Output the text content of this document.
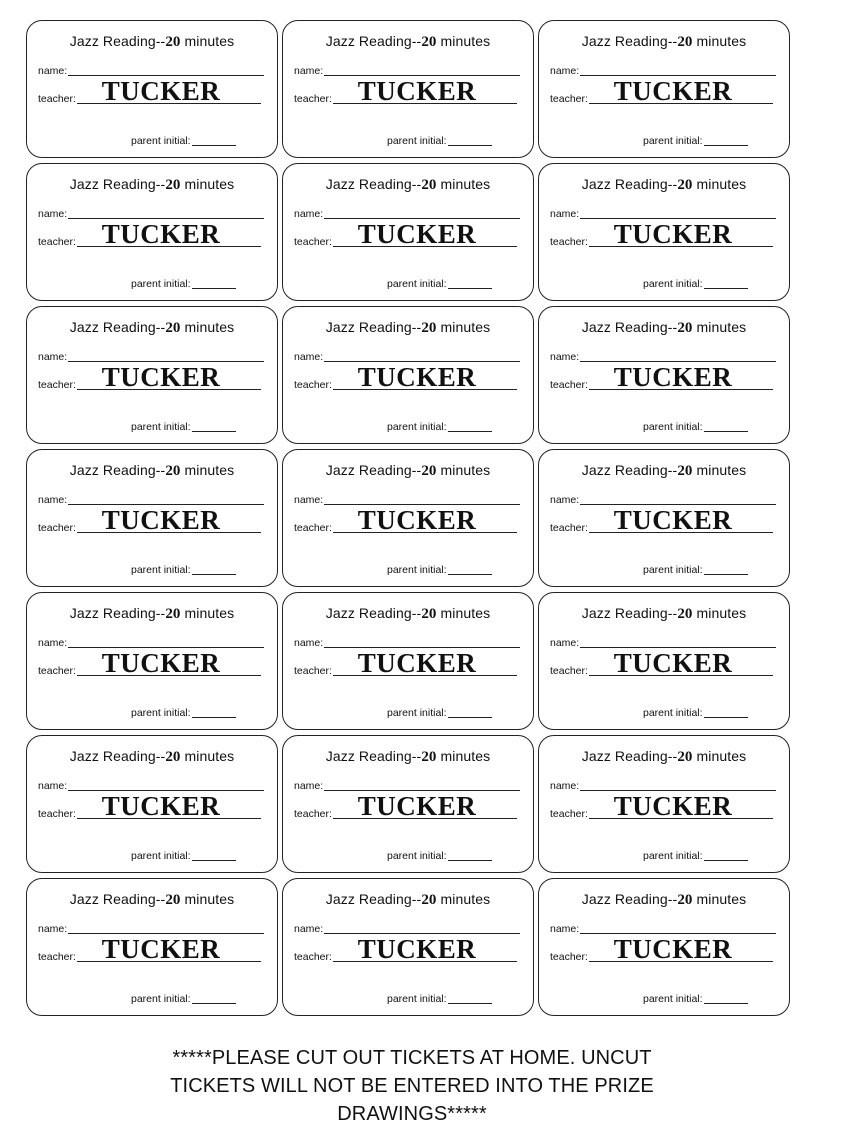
Jazz Reading--20 minutes
name:
teacher: TUCKER
parent initial:
Jazz Reading--20 minutes
name:
teacher: TUCKER
parent initial:
Jazz Reading--20 minutes
name:
teacher: TUCKER
parent initial:
Jazz Reading--20 minutes
name:
teacher: TUCKER
parent initial:
Jazz Reading--20 minutes
name:
teacher: TUCKER
parent initial:
Jazz Reading--20 minutes
name:
teacher: TUCKER
parent initial:
Jazz Reading--20 minutes
name:
teacher: TUCKER
parent initial:
Jazz Reading--20 minutes
name:
teacher: TUCKER
parent initial:
Jazz Reading--20 minutes
name:
teacher: TUCKER
parent initial:
Jazz Reading--20 minutes
name:
teacher: TUCKER
parent initial:
Jazz Reading--20 minutes
name:
teacher: TUCKER
parent initial:
Jazz Reading--20 minutes
name:
teacher: TUCKER
parent initial:
Jazz Reading--20 minutes
name:
teacher: TUCKER
parent initial:
Jazz Reading--20 minutes
name:
teacher: TUCKER
parent initial:
Jazz Reading--20 minutes
name:
teacher: TUCKER
parent initial:
Jazz Reading--20 minutes
name:
teacher: TUCKER
parent initial:
Jazz Reading--20 minutes
name:
teacher: TUCKER
parent initial:
Jazz Reading--20 minutes
name:
teacher: TUCKER
parent initial:
Jazz Reading--20 minutes
name:
teacher: TUCKER
parent initial:
Jazz Reading--20 minutes
name:
teacher: TUCKER
parent initial:
Jazz Reading--20 minutes
name:
teacher: TUCKER
parent initial:
*****PLEASE CUT OUT TICKETS AT HOME. UNCUT TICKETS WILL NOT BE ENTERED INTO THE PRIZE DRAWINGS*****
